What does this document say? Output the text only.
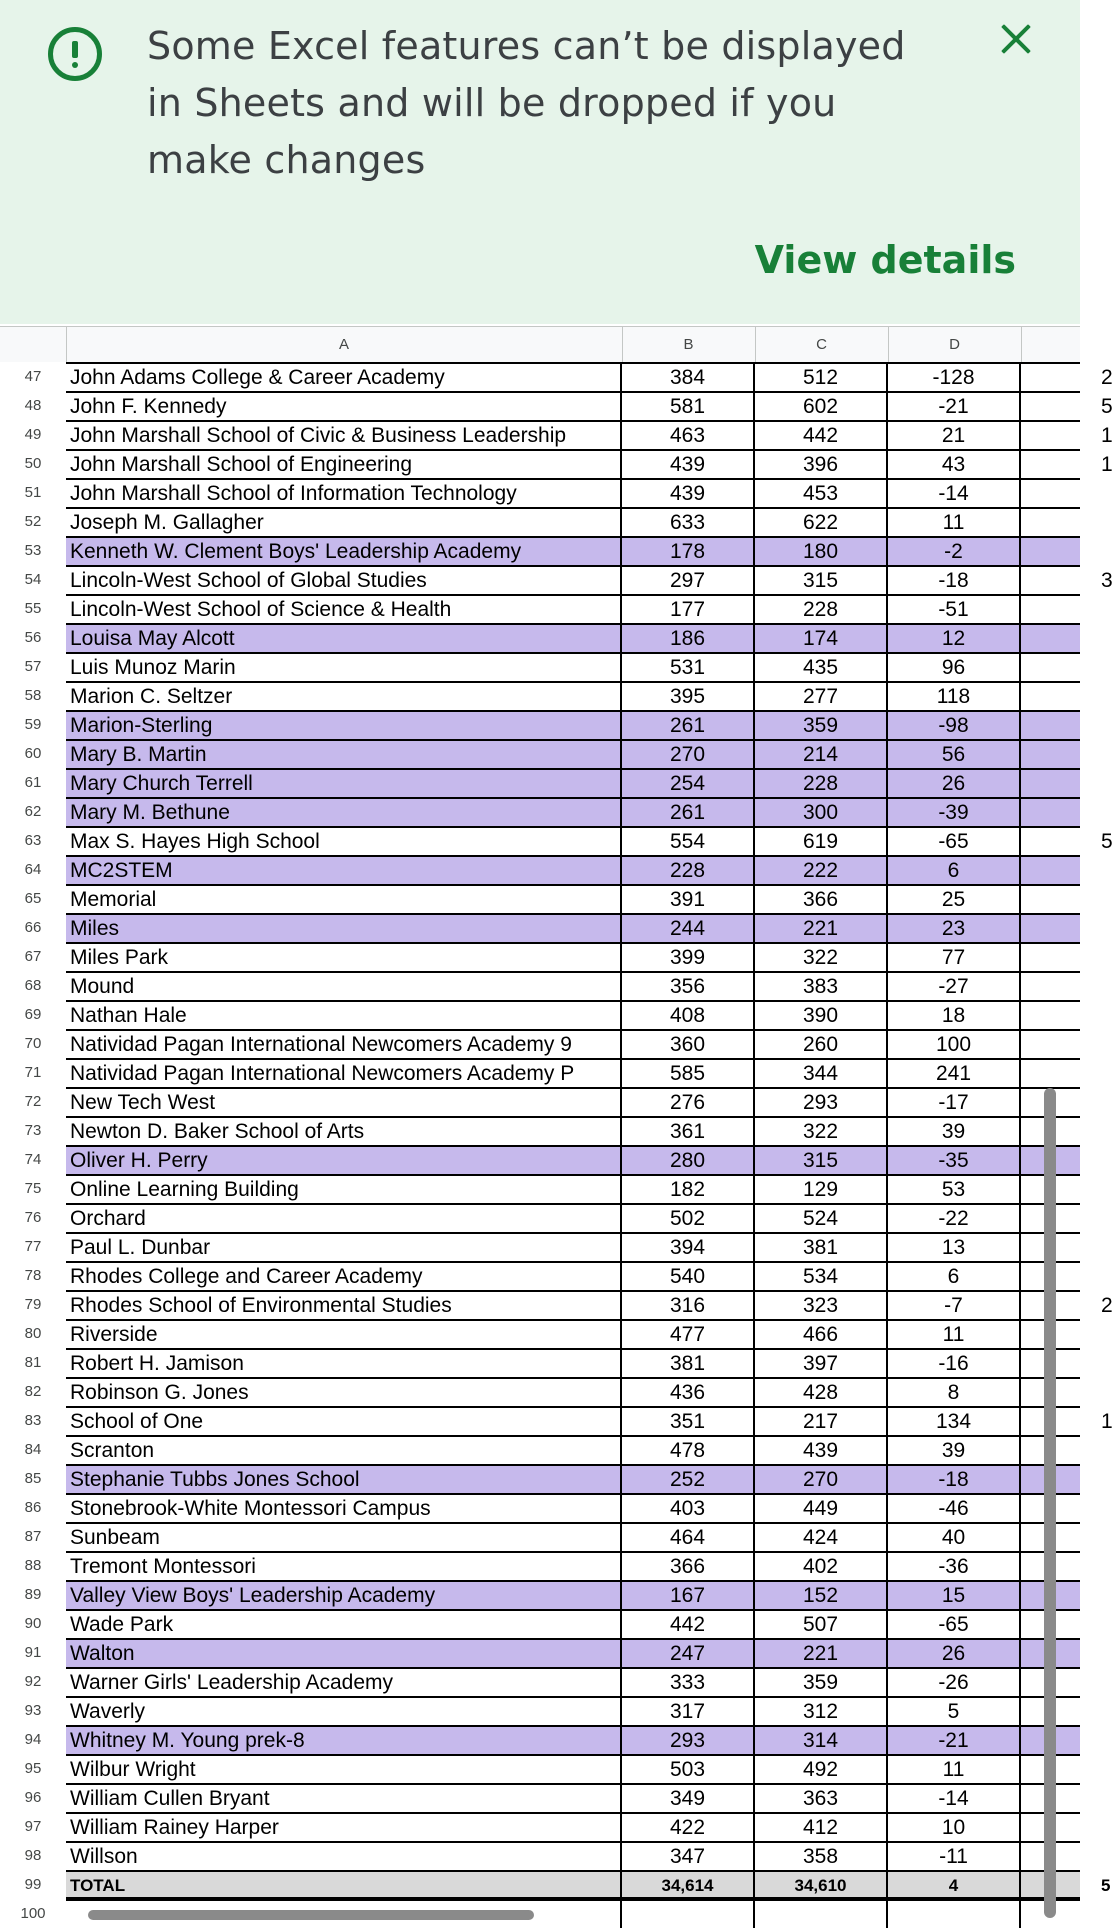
Some Excel features can’t be displayed in Sheets and will be dropped if you make changes
View details
A	B	C	D
47	John Adams College & Career Academy	384	512	-128	2
48	John F. Kennedy	581	602	-21	5
49	John Marshall School of Civic & Business Leadership	463	442	21	1
50	John Marshall School of Engineering	439	396	43	1
51	John Marshall School of Information Technology	439	453	-14
52	Joseph M. Gallagher	633	622	11
53	Kenneth W. Clement Boys' Leadership Academy	178	180	-2
54	Lincoln-West School of Global Studies	297	315	-18	3
55	Lincoln-West School of Science & Health	177	228	-51
56	Louisa May Alcott	186	174	12
57	Luis Munoz Marin	531	435	96
58	Marion C. Seltzer	395	277	118
59	Marion-Sterling	261	359	-98
60	Mary B. Martin	270	214	56
61	Mary Church Terrell	254	228	26
62	Mary M. Bethune	261	300	-39
63	Max S. Hayes High School	554	619	-65	5
64	MC2STEM	228	222	6
65	Memorial	391	366	25
66	Miles	244	221	23
67	Miles Park	399	322	77
68	Mound	356	383	-27
69	Nathan Hale	408	390	18
70	Natividad Pagan International Newcomers Academy 9	360	260	100
71	Natividad Pagan International Newcomers Academy P	585	344	241
72	New Tech West	276	293	-17
73	Newton D. Baker School of Arts	361	322	39
74	Oliver H. Perry	280	315	-35
75	Online Learning Building	182	129	53
76	Orchard	502	524	-22
77	Paul L. Dunbar	394	381	13
78	Rhodes College and Career Academy	540	534	6
79	Rhodes School of Environmental Studies	316	323	-7	2
80	Riverside	477	466	11
81	Robert H. Jamison	381	397	-16
82	Robinson G. Jones	436	428	8
83	School of One	351	217	134	1
84	Scranton	478	439	39
85	Stephanie Tubbs Jones School	252	270	-18
86	Stonebrook-White Montessori Campus	403	449	-46
87	Sunbeam	464	424	40
88	Tremont Montessori	366	402	-36
89	Valley View Boys' Leadership Academy	167	152	15
90	Wade Park	442	507	-65
91	Walton	247	221	26
92	Warner Girls' Leadership Academy	333	359	-26
93	Waverly	317	312	5
94	Whitney M. Young prek-8	293	314	-21
95	Wilbur Wright	503	492	11
96	William Cullen Bryant	349	363	-14
97	William Rainey Harper	422	412	10
98	Willson	347	358	-11
99	TOTAL	34,614	34,610	4	5
100
